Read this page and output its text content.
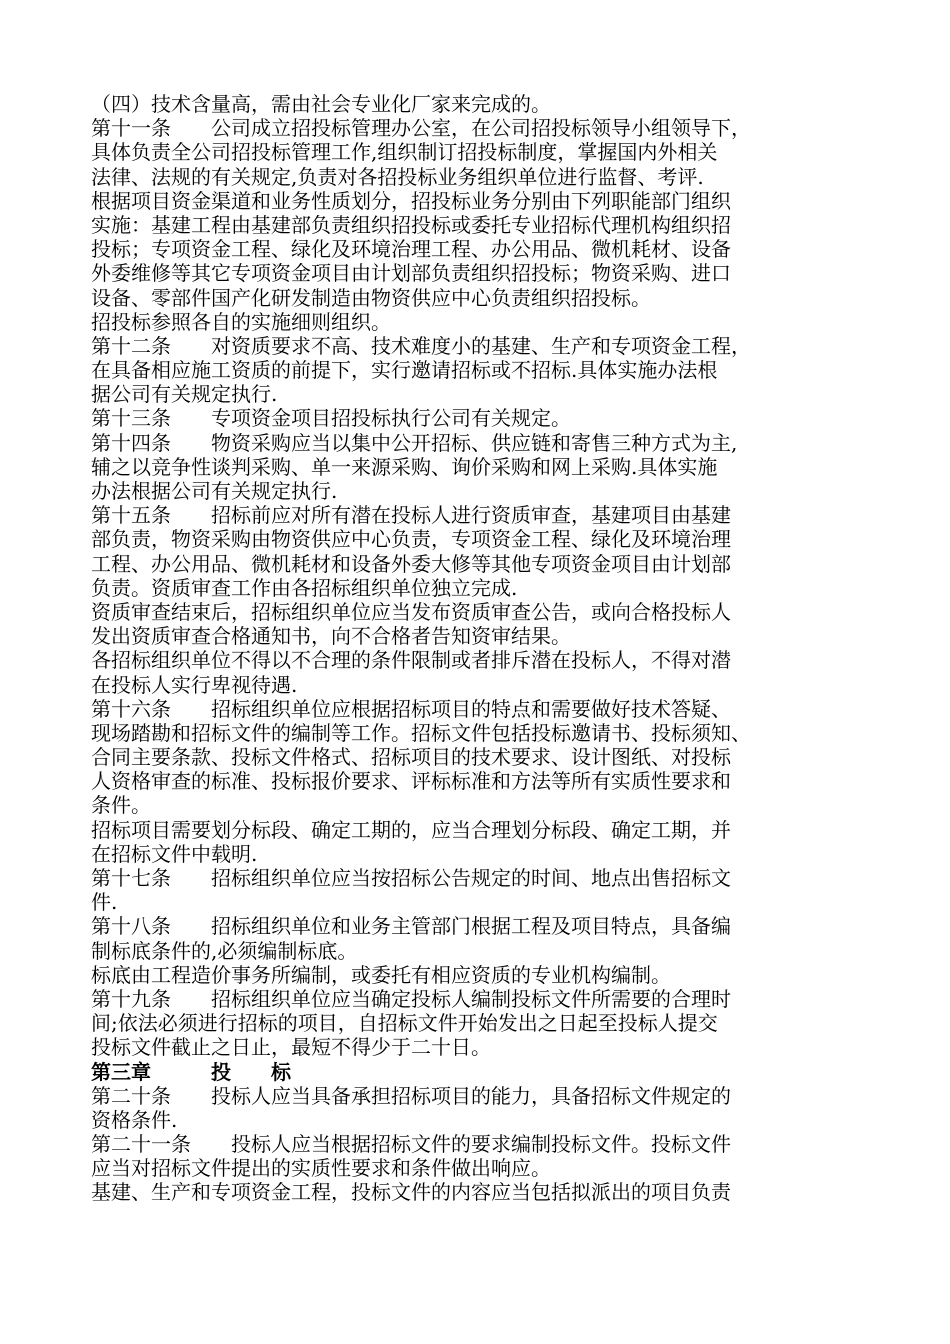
（四）技术含量高，需由社会专业化厂家来完成的。
第十一条　　公司成立招投标管理办公室，在公司招投标领导小组领导下，
具体负责全公司招投标管理工作,组织制订招投标制度，掌握国内外相关
法律、法规的有关规定,负责对各招投标业务组织单位进行监督、考评.
根据项目资金渠道和业务性质划分，招投标业务分别由下列职能部门组织
实施：基建工程由基建部负责组织招投标或委托专业招标代理机构组织招
投标；专项资金工程、绿化及环境治理工程、办公用品、微机耗材、设备
外委维修等其它专项资金项目由计划部负责组织招投标；物资采购、进口
设备、零部件国产化研发制造由物资供应中心负责组织招投标。
招投标参照各自的实施细则组织。
第十二条　　对资质要求不高、技术难度小的基建、生产和专项资金工程，
在具备相应施工资质的前提下，实行邀请招标或不招标.具体实施办法根
据公司有关规定执行.
第十三条　　专项资金项目招投标执行公司有关规定。
第十四条　　物资采购应当以集中公开招标、供应链和寄售三种方式为主,
辅之以竞争性谈判采购、单一来源采购、询价采购和网上采购.具体实施
办法根据公司有关规定执行.
第十五条　　招标前应对所有潜在投标人进行资质审查，基建项目由基建
部负责，物资采购由物资供应中心负责，专项资金工程、绿化及环境治理
工程、办公用品、微机耗材和设备外委大修等其他专项资金项目由计划部
负责。资质审查工作由各招标组织单位独立完成.
资质审查结束后，招标组织单位应当发布资质审查公告，或向合格投标人
发出资质审查合格通知书，向不合格者告知资审结果。
各招标组织单位不得以不合理的条件限制或者排斥潜在投标人，不得对潜
在投标人实行卑视待遇.
第十六条　　招标组织单位应根据招标项目的特点和需要做好技术答疑、
现场踏勘和招标文件的编制等工作。招标文件包括投标邀请书、投标须知、
合同主要条款、投标文件格式、招标项目的技术要求、设计图纸、对投标
人资格审查的标准、投标报价要求、评标标准和方法等所有实质性要求和
条件。
招标项目需要划分标段、确定工期的，应当合理划分标段、确定工期，并
在招标文件中载明.
第十七条　　招标组织单位应当按招标公告规定的时间、地点出售招标文
件.
第十八条　　招标组织单位和业务主管部门根据工程及项目特点，具备编
制标底条件的,必须编制标底。
标底由工程造价事务所编制，或委托有相应资质的专业机构编制。
第十九条　　招标组织单位应当确定投标人编制投标文件所需要的合理时
间;依法必须进行招标的项目，自招标文件开始发出之日起至投标人提交
投标文件截止之日止，最短不得少于二十日。
第三章　　　投　　标
第二十条　　投标人应当具备承担招标项目的能力，具备招标文件规定的
资格条件.
第二十一条　　投标人应当根据招标文件的要求编制投标文件。投标文件
应当对招标文件提出的实质性要求和条件做出响应。
基建、生产和专项资金工程，投标文件的内容应当包括拟派出的项目负责
